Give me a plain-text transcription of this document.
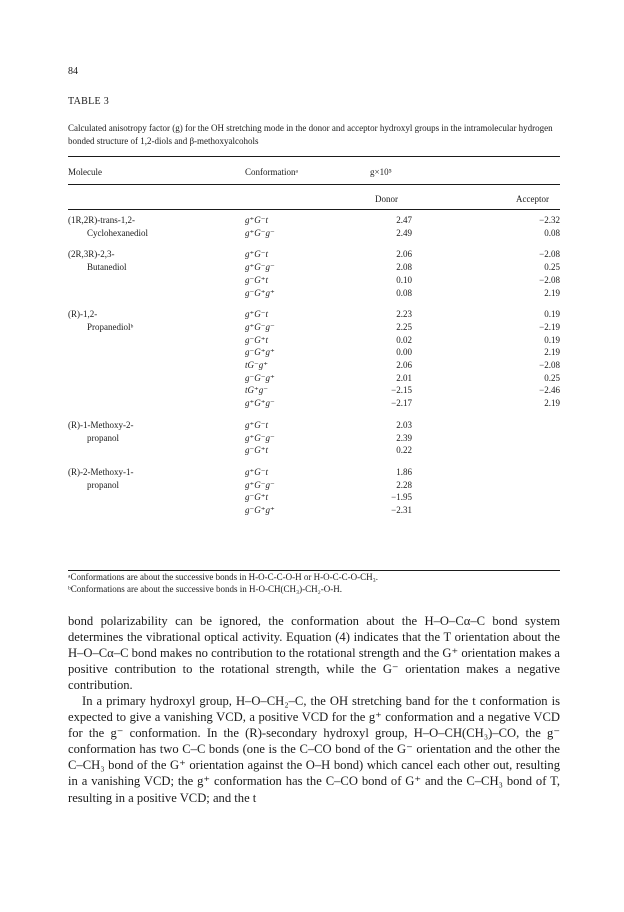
84
TABLE 3
Calculated anisotropy factor (g) for the OH stretching mode in the donor and acceptor hydroxyl groups in the intramolecular hydrogen bonded structure of 1,2-diols and β-methoxyalcohols
Molecule	Conformationᵃ	g×10⁵
Donor	Acceptor
(1R,2R)-trans-1,2-	g⁺G⁻t	2.47	−2.32
Cyclohexanediol	g⁺G⁻g⁻	2.49	0.08

(2R,3R)-2,3-	g⁺G⁻t	2.06	−2.08
Butanediol	g⁺G⁻g⁻	2.08	0.25
	g⁻G⁺t	0.10	−2.08
	g⁻G⁺g⁺	0.08	2.19

(R)-1,2-	g⁺G⁻t	2.23	0.19
Propanediolᵇ	g⁺G⁻g⁻	2.25	−2.19
	g⁻G⁺t	0.02	0.19
	g⁻G⁺g⁺	0.00	2.19
	tG⁻g⁺	2.06	−2.08
	g⁻G⁻g⁺	2.01	0.25
	tG⁺g⁻	−2.15	−2.46
	g⁺G⁺g⁻	−2.17	2.19

(R)-1-Methoxy-2-	g⁺G⁻t	2.03	
propanol	g⁺G⁻g⁻	2.39	
	g⁻G⁺t	0.22	

(R)-2-Methoxy-1-	g⁺G⁻t	1.86	
propanol	g⁺G⁻g⁻	2.28	
	g⁻G⁺t	−1.95	
	g⁻G⁺g⁺	−2.31	
ᵃConformations are about the successive bonds in H-O-C-C-O-H or H-O-C-C-O-CH₃.
ᵇConformations are about the successive bonds in H-O-CH(CH₃)-CH₂-O-H.

bond polarizability can be ignored, the conformation about the H–O–Cα–C bond system determines the vibrational optical activity. Equation (4) indicates that the T orientation about the H–O–Cα–C bond makes no contribution to the rotational strength and the G⁺ orientation makes a positive contribution to the rotational strength, while the G⁻ orientation makes a negative contribution.

In a primary hydroxyl group, H–O–CH₂–C, the OH stretching band for the t conformation is expected to give a vanishing VCD, a positive VCD for the g⁺ conformation and a negative VCD for the g⁻ conformation. In the (R)-secondary hydroxyl group, H–O–CH(CH₃)–CO, the g⁻ conformation has two C–C bonds (one is the C–CO bond of the G⁻ orientation and the other the C–CH₃ bond of the G⁺ orientation against the O–H bond) which cancel each other out, resulting in a vanishing VCD; the g⁺ conformation has the C–CO bond of G⁺ and the C–CH₃ bond of T, resulting in a positive VCD; and the t
